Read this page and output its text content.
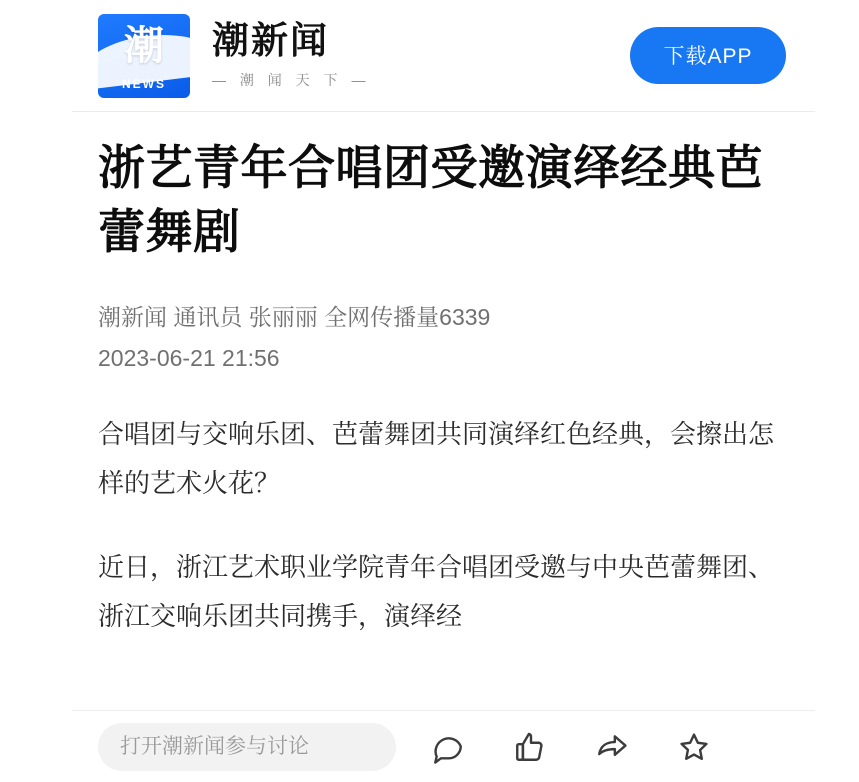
潮
NEWS
潮新闻
— 潮 闻 天 下 —
下载APP
浙艺青年合唱团受邀演绎经典芭蕾舞剧
潮新闻 通讯员 张丽丽 全网传播量6339
2023-06-21 21:56

合唱团与交响乐团、芭蕾舞团共同演绎红色经典，会擦出怎样的艺术火花？

近日，浙江艺术职业学院青年合唱团受邀与中央芭蕾舞团、浙江交响乐团共同携手，演绎经

打开潮新闻参与讨论
